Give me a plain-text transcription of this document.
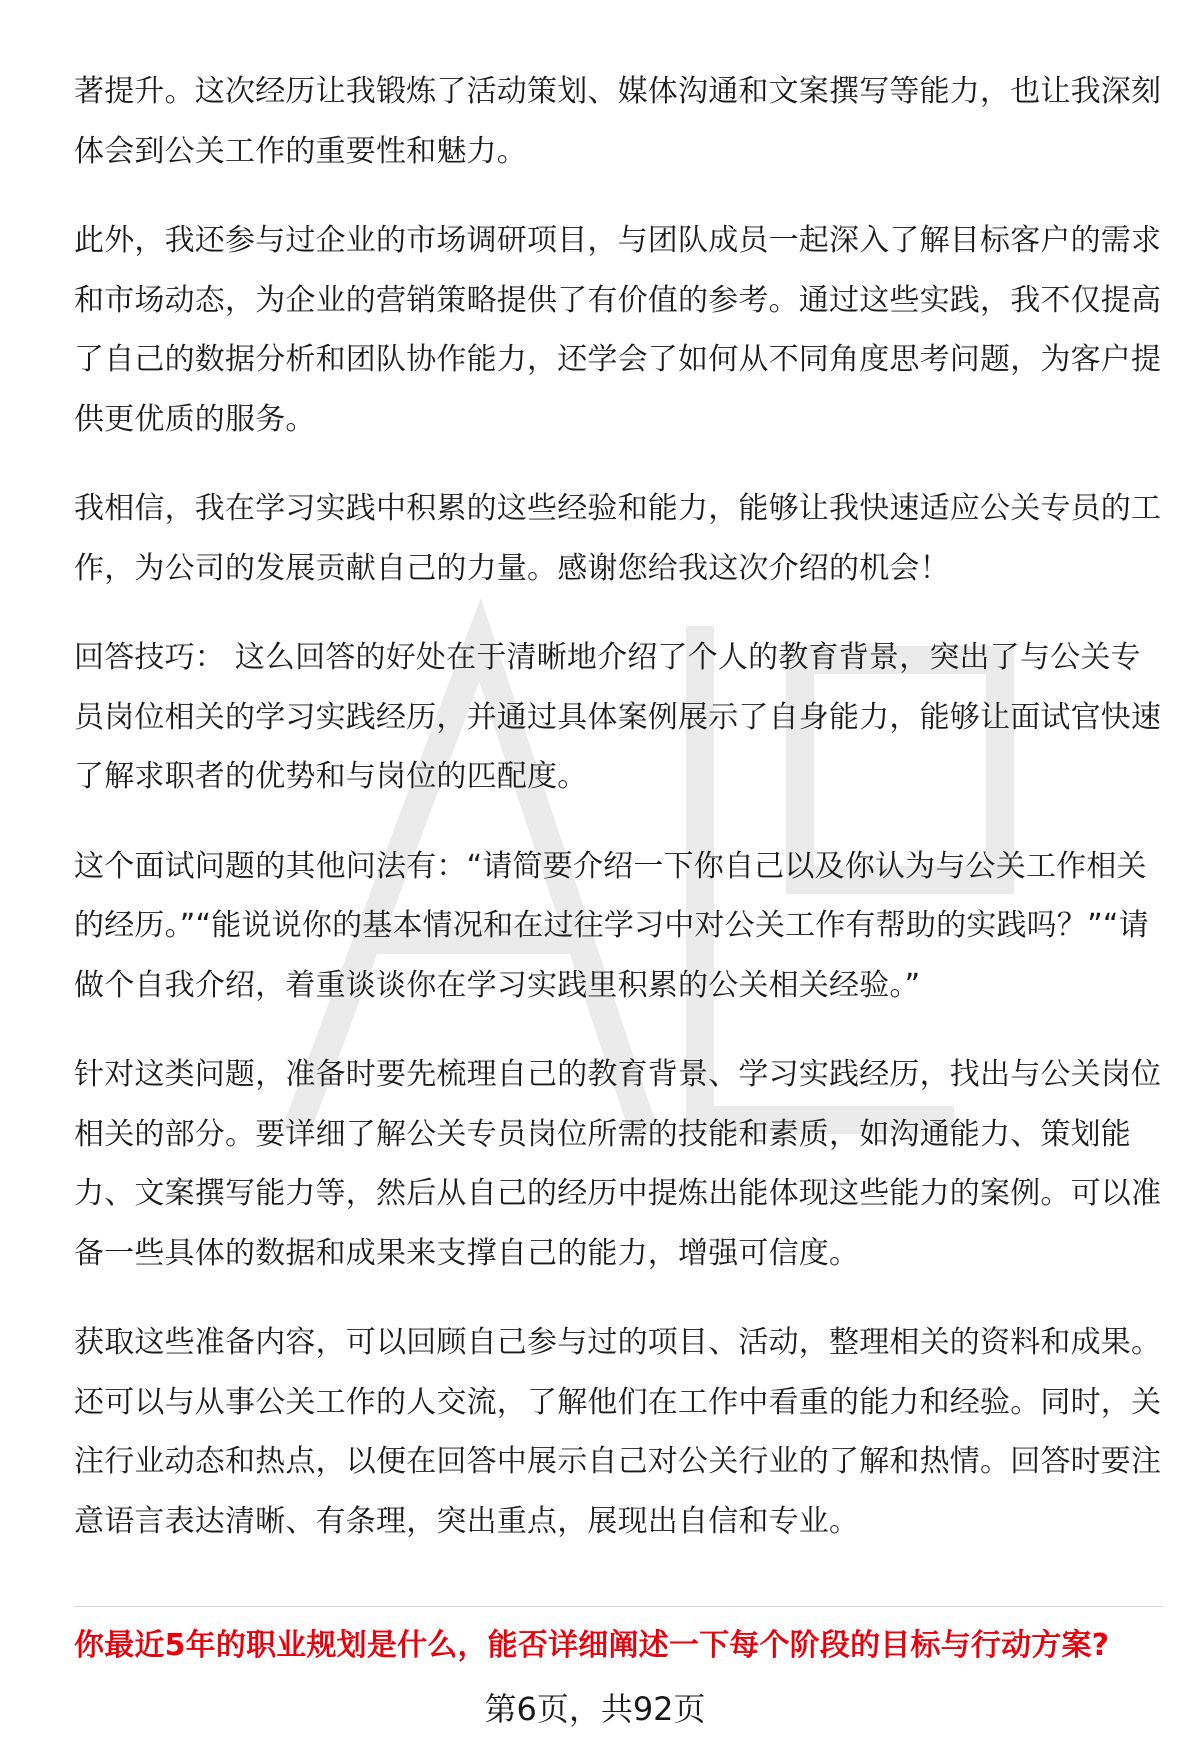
著提升。这次经历让我锻炼了活动策划、媒体沟通和文案撰写等能力，也让我深刻体会到公关工作的重要性和魅力。

此外，我还参与过企业的市场调研项目，与团队成员一起深入了解目标客户的需求和市场动态，为企业的营销策略提供了有价值的参考。通过这些实践，我不仅提高了自己的数据分析和团队协作能力，还学会了如何从不同角度思考问题，为客户提供更优质的服务。

我相信，我在学习实践中积累的这些经验和能力，能够让我快速适应公关专员的工作，为公司的发展贡献自己的力量。感谢您给我这次介绍的机会！

回答技巧： 这么回答的好处在于清晰地介绍了个人的教育背景，突出了与公关专员岗位相关的学习实践经历，并通过具体案例展示了自身能力，能够让面试官快速了解求职者的优势和与岗位的匹配度。

这个面试问题的其他问法有：“请简要介绍一下你自己以及你认为与公关工作相关的经历。”“能说说你的基本情况和在过往学习中对公关工作有帮助的实践吗？”“请做个自我介绍，着重谈谈你在学习实践里积累的公关相关经验。”

针对这类问题，准备时要先梳理自己的教育背景、学习实践经历，找出与公关岗位相关的部分。要详细了解公关专员岗位所需的技能和素质，如沟通能力、策划能力、文案撰写能力等，然后从自己的经历中提炼出能体现这些能力的案例。可以准备一些具体的数据和成果来支撑自己的能力，增强可信度。

获取这些准备内容，可以回顾自己参与过的项目、活动，整理相关的资料和成果。还可以与从事公关工作的人交流，了解他们在工作中看重的能力和经验。同时，关注行业动态和热点，以便在回答中展示自己对公关行业的了解和热情。回答时要注意语言表达清晰、有条理，突出重点，展现出自信和专业。

你最近5年的职业规划是什么，能否详细阐述一下每个阶段的目标与行动方案?
第6页，共92页
